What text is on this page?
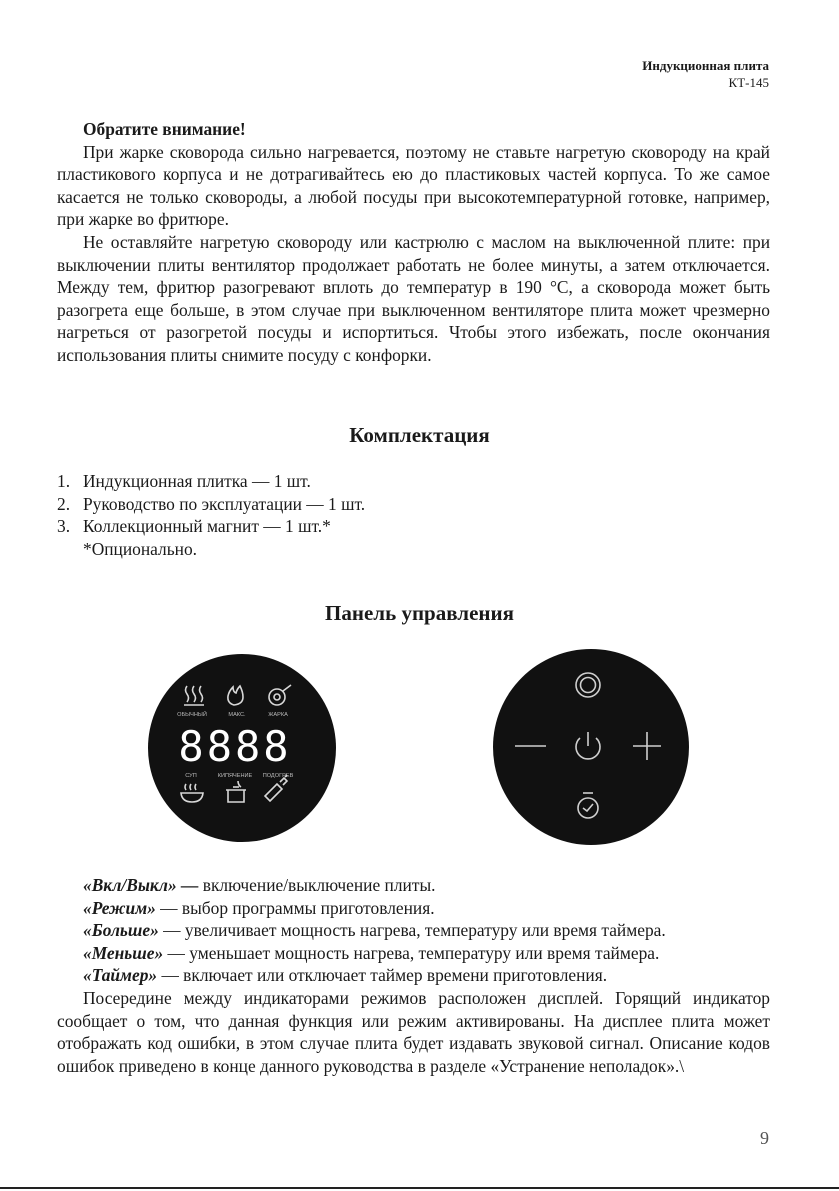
Индукционная плита
КТ-145

Обратите внимание!

При жарке сковорода сильно нагревается, поэтому не ставьте нагретую сковороду на край пластикового корпуса и не дотрагивайтесь ею до пластиковых частей корпуса. То же самое касается не только сковороды, а любой посуды при высокотемпературной готовке, например, при жарке во фритюре.

Не оставляйте нагретую сковороду или кастрюлю с маслом на выключенной плите: при выключении плиты вентилятор продолжает работать не более минуты, а затем отключается. Между тем, фритюр разогревают вплоть до температур в 190 °С, а сковорода может быть разогрета еще больше, в этом случае при выключенном вентиляторе плита может чрезмерно нагреться от разогретой посуды и испортиться. Чтобы этого избежать, после окончания использования плиты снимите посуду с конфорки.

Комплектация
1. Индукционная плитка — 1 шт.
2. Руководство по эксплуатации — 1 шт.
3. Коллекционный магнит — 1 шт.*
*Опционально.
Панель управления
ОБЫЧНЫЙ	МАКС.	ЖАРКА
8888
СУП	КИПЯЧЕНИЕ ПОДОГРЕВ

«Вкл/Выкл» — включение/выключение плиты.

«Режим» — выбор программы приготовления.

«Больше» — увеличивает мощность нагрева, температуру или время таймера.

«Меньше» — уменьшает мощность нагрева, температуру или время таймера.

«Таймер» — включает или отключает таймер времени приготовления.

Посередине между индикаторами режимов расположен дисплей. Горящий индикатор сообщает о том, что данная функция или режим активированы. На дисплее плита может отображать код ошибки, в этом случае плита будет издавать звуковой сигнал. Описание кодов ошибок приведено в конце данного руководства в разделе «Устранение неполадок».\

9
